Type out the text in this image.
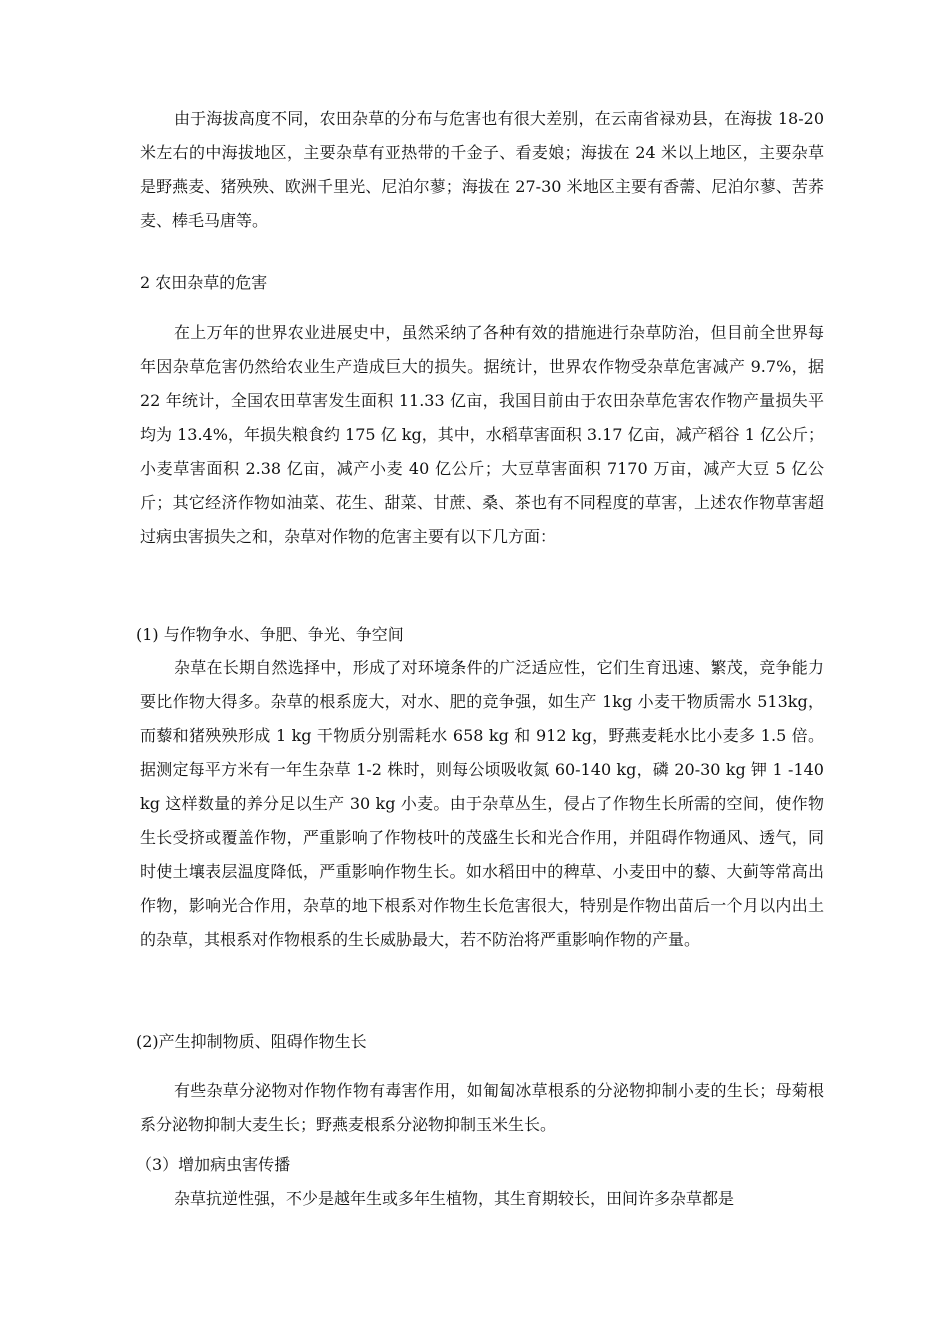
由于海拔高度不同，农田杂草的分布与危害也有很大差别，在云南省禄劝县，在海拔 18-20 米左右的中海拔地区，主要杂草有亚热带的千金子、看麦娘；海拔在 24 米以上地区，主要杂草是野燕麦、猪殃殃、欧洲千里光、尼泊尔蓼；海拔在 27-30 米地区主要有香薷、尼泊尔蓼、苦荞麦、棒毛马唐等。

2 农田杂草的危害

在上万年的世界农业进展史中，虽然采纳了各种有效的措施进行杂草防治，但目前全世界每年因杂草危害仍然给农业生产造成巨大的损失。据统计，世界农作物受杂草危害减产 9.7%，据 22 年统计，全国农田草害发生面积 11.33 亿亩，我国目前由于农田杂草危害农作物产量损失平均为 13.4%，年损失粮食约 175 亿 kg，其中，水稻草害面积 3.17 亿亩，减产稻谷 1 亿公斤；小麦草害面积 2.38 亿亩，减产小麦 40 亿公斤；大豆草害面积 7170 万亩，减产大豆 5 亿公斤；其它经济作物如油菜、花生、甜菜、甘蔗、桑、茶也有不同程度的草害，上述农作物草害超过病虫害损失之和，杂草对作物的危害主要有以下几方面：

(1) 与作物争水、争肥、争光、争空间

杂草在长期自然选择中，形成了对环境条件的广泛适应性，它们生育迅速、繁茂，竞争能力要比作物大得多。杂草的根系庞大，对水、肥的竞争强，如生产 1kg 小麦干物质需水 513kg，而藜和猪殃殃形成 1 kg 干物质分别需耗水 658 kg 和 912 kg，野燕麦耗水比小麦多 1.5 倍。据测定每平方米有一年生杂草 1-2 株时，则每公顷吸收氮 60-140 kg，磷 20-30 kg 钾 1 -140 kg 这样数量的养分足以生产 30 kg 小麦。由于杂草丛生，侵占了作物生长所需的空间，使作物生长受挤或覆盖作物，严重影响了作物枝叶的茂盛生长和光合作用，并阻碍作物通风、透气，同时使土壤表层温度降低，严重影响作物生长。如水稻田中的稗草、小麦田中的藜、大蓟等常高出作物，影响光合作用，杂草的地下根系对作物生长危害很大，特别是作物出苗后一个月以内出土的杂草，其根系对作物根系的生长威胁最大，若不防治将严重影响作物的产量。

(2)产生抑制物质、阻碍作物生长

有些杂草分泌物对作物作物有毒害作用，如匍匐冰草根系的分泌物抑制小麦的生长；母菊根系分泌物抑制大麦生长；野燕麦根系分泌物抑制玉米生长。

（3）增加病虫害传播

杂草抗逆性强，不少是越年生或多年生植物，其生育期较长，田间许多杂草都是
